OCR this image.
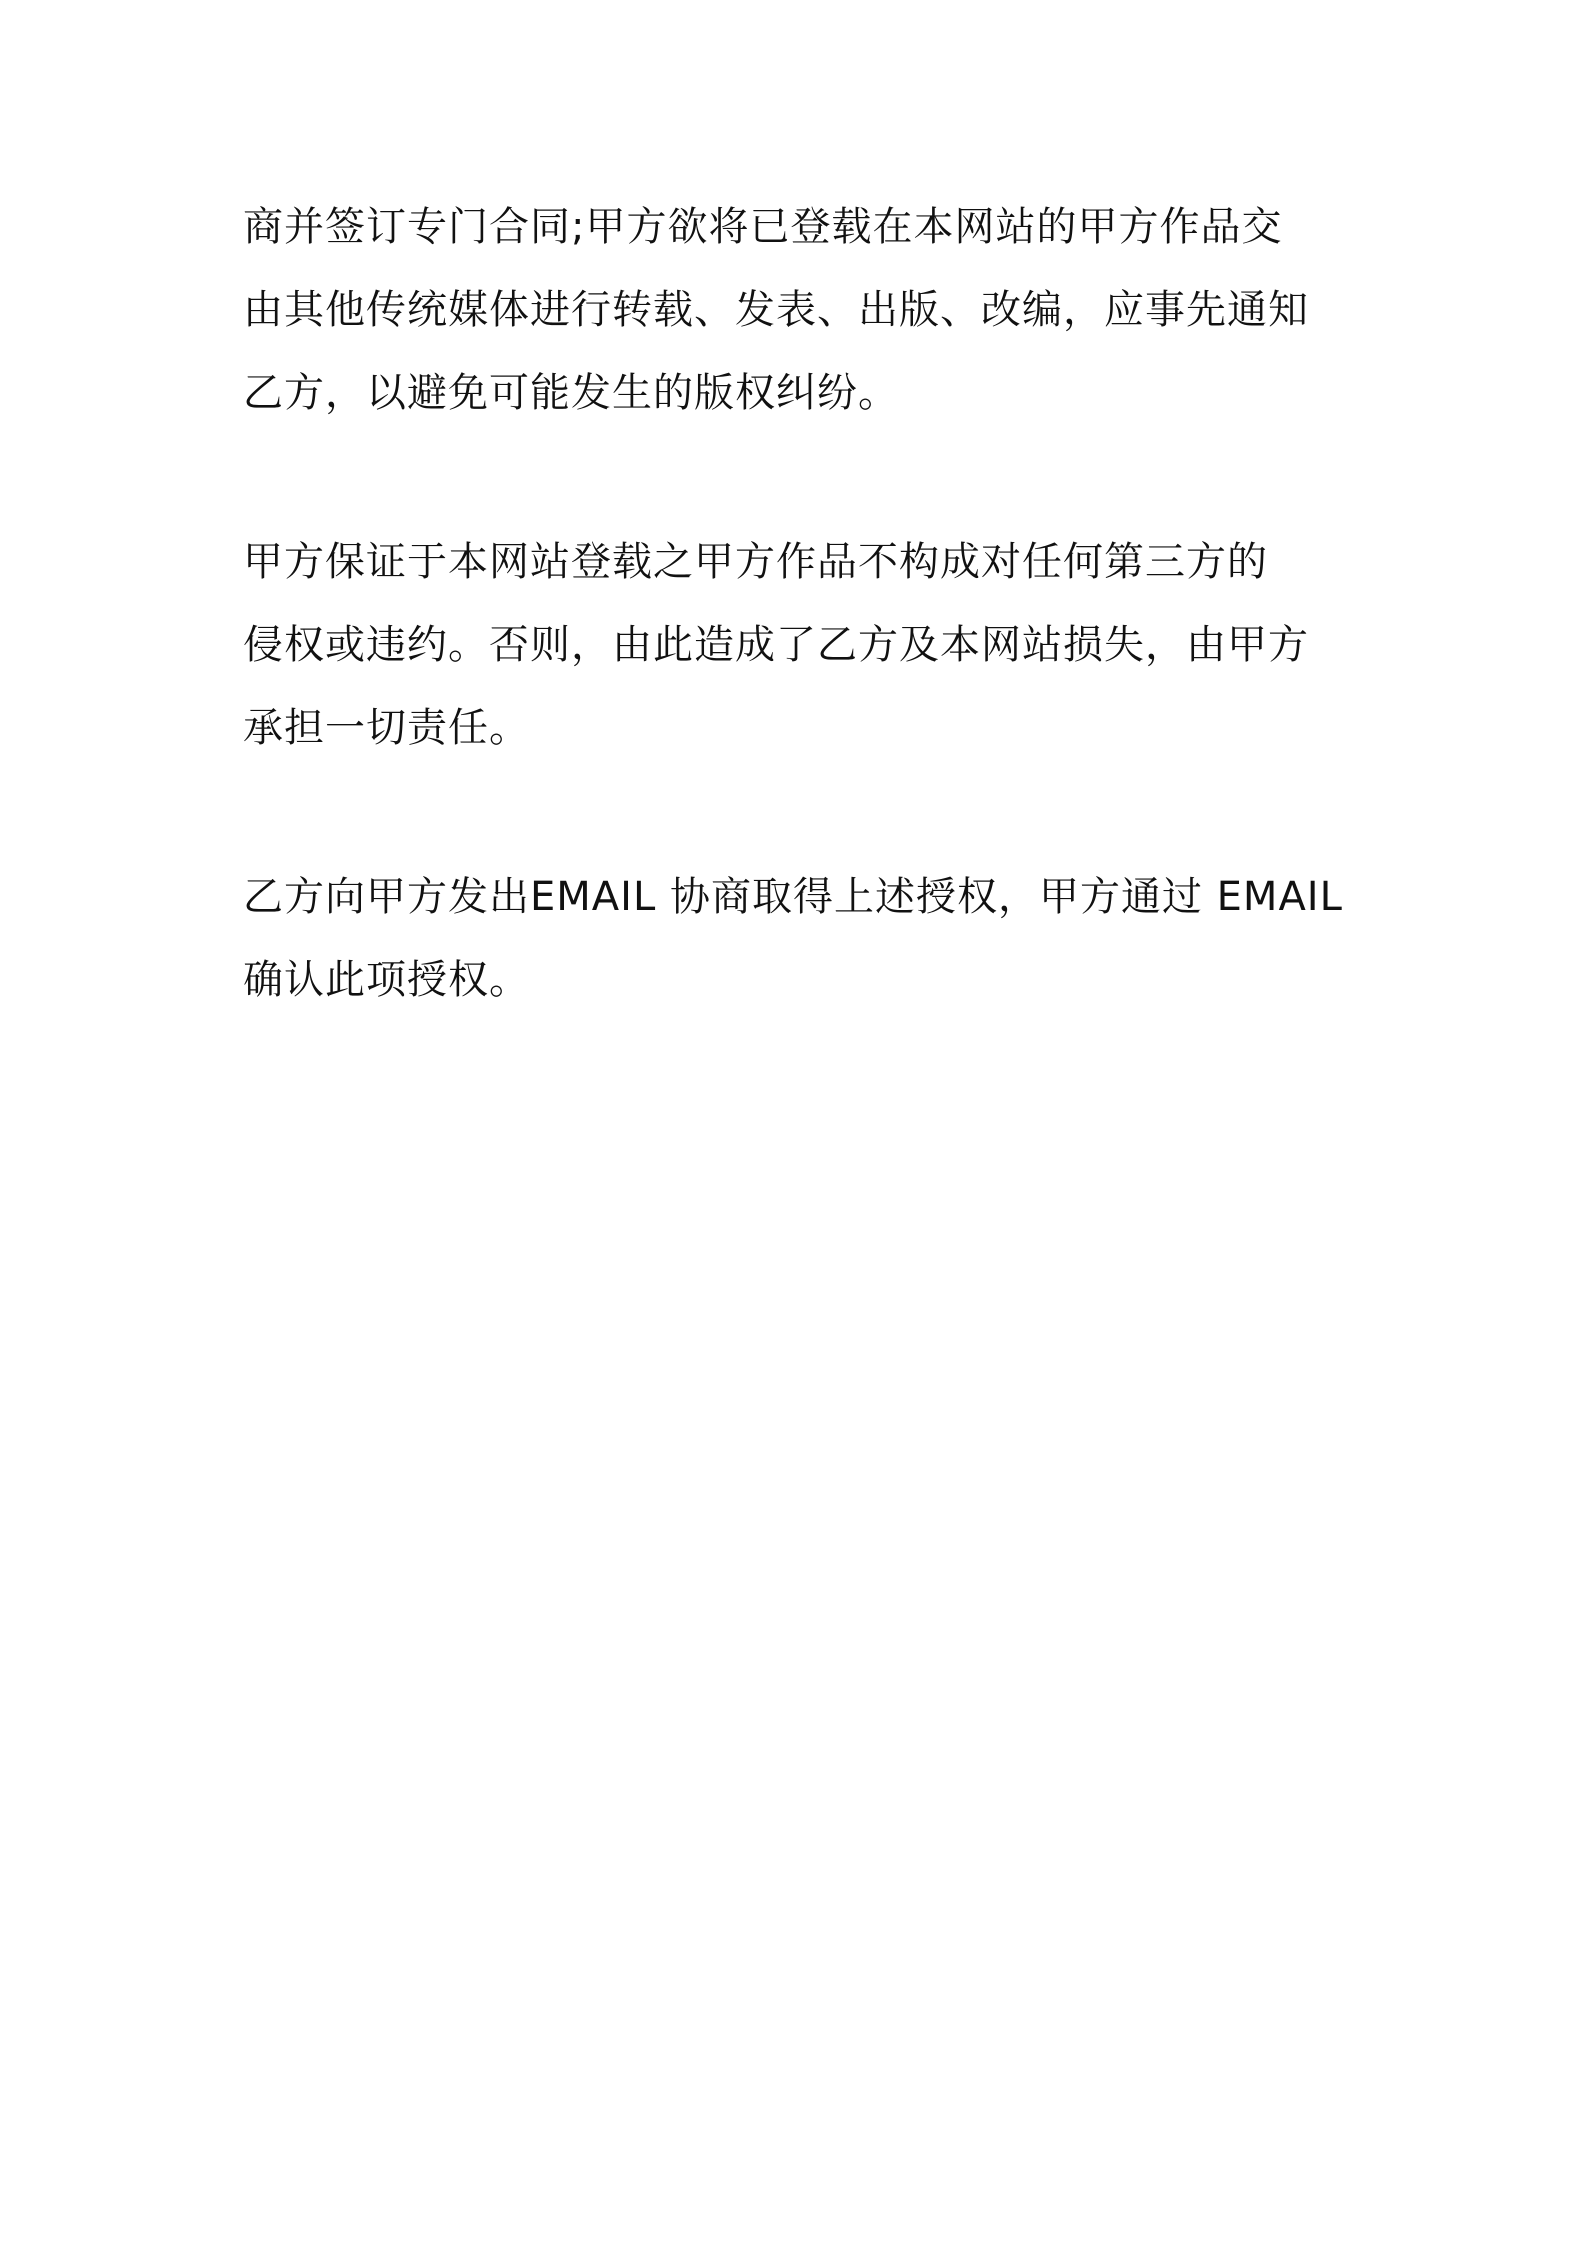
商并签订专门合同;甲方欲将已登载在本网站的甲方作品交
由其他传统媒体进行转载、发表、出版、改编，应事先通知
乙方，以避免可能发生的版权纠纷。

甲方保证于本网站登载之甲方作品不构成对任何第三方的
侵权或违约。否则，由此造成了乙方及本网站损失，由甲方
承担一切责任。

乙方向甲方发出EMAIL 协商取得上述授权，甲方通过 EMAIL
确认此项授权。
